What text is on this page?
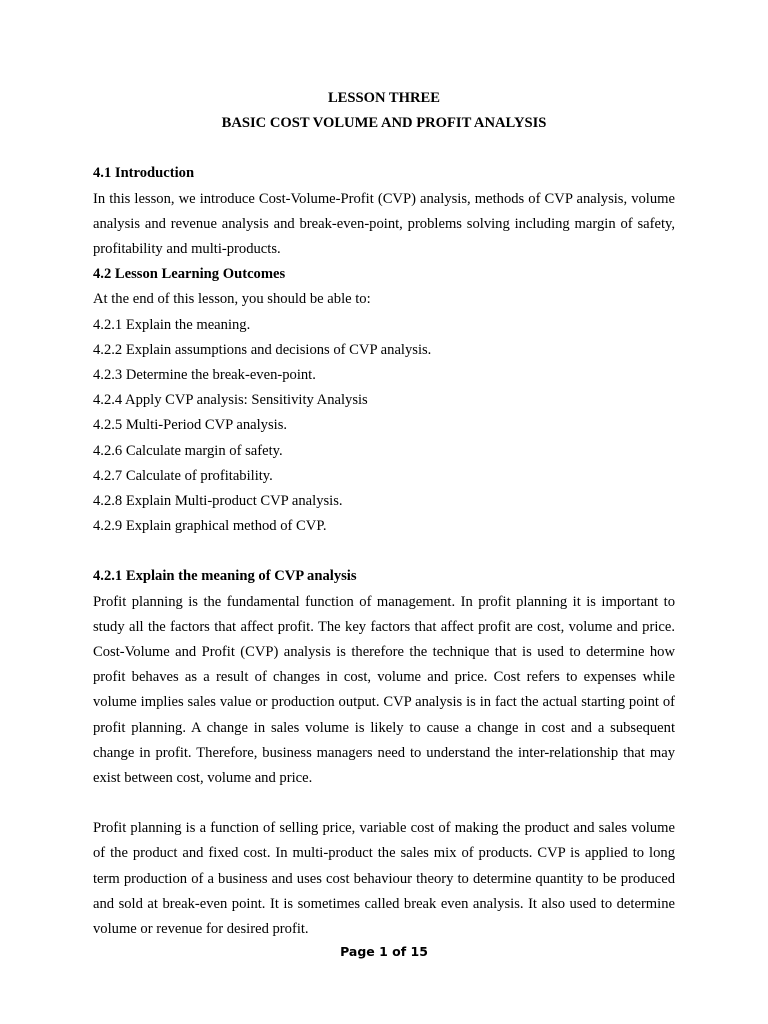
LESSON THREE
BASIC COST VOLUME AND PROFIT ANALYSIS
4.1 Introduction

In this lesson, we introduce Cost-Volume-Profit (CVP) analysis, methods of CVP analysis, volume analysis and revenue analysis and break-even-point, problems solving including margin of safety, profitability and multi-products.

4.2 Lesson Learning Outcomes
At the end of this lesson, you should be able to:
4.2.1 Explain the meaning.
4.2.2 Explain assumptions and decisions of CVP analysis.
4.2.3 Determine the break-even-point.
4.2.4 Apply CVP analysis: Sensitivity Analysis
4.2.5 Multi-Period CVP analysis.
4.2.6 Calculate margin of safety.
4.2.7 Calculate of profitability.
4.2.8 Explain Multi-product CVP analysis.
4.2.9 Explain graphical method of CVP.
4.2.1 Explain the meaning of CVP analysis

Profit planning is the fundamental function of management. In profit planning it is important to study all the factors that affect profit. The key factors that affect profit are cost, volume and price. Cost-Volume and Profit (CVP) analysis is therefore the technique that is used to determine how profit behaves as a result of changes in cost, volume and price. Cost refers to expenses while volume implies sales value or production output. CVP analysis is in fact the actual starting point of profit planning. A change in sales volume is likely to cause a change in cost and a subsequent change in profit. Therefore, business managers need to understand the inter-relationship that may exist between cost, volume and price.

Profit planning is a function of selling price, variable cost of making the product and sales volume of the product and fixed cost. In multi-product the sales mix of products. CVP is applied to long term production of a business and uses cost behaviour theory to determine quantity to be produced and sold at break-even point. It is sometimes called break even analysis. It also used to determine volume or revenue for desired profit.

Page 1 of 15
